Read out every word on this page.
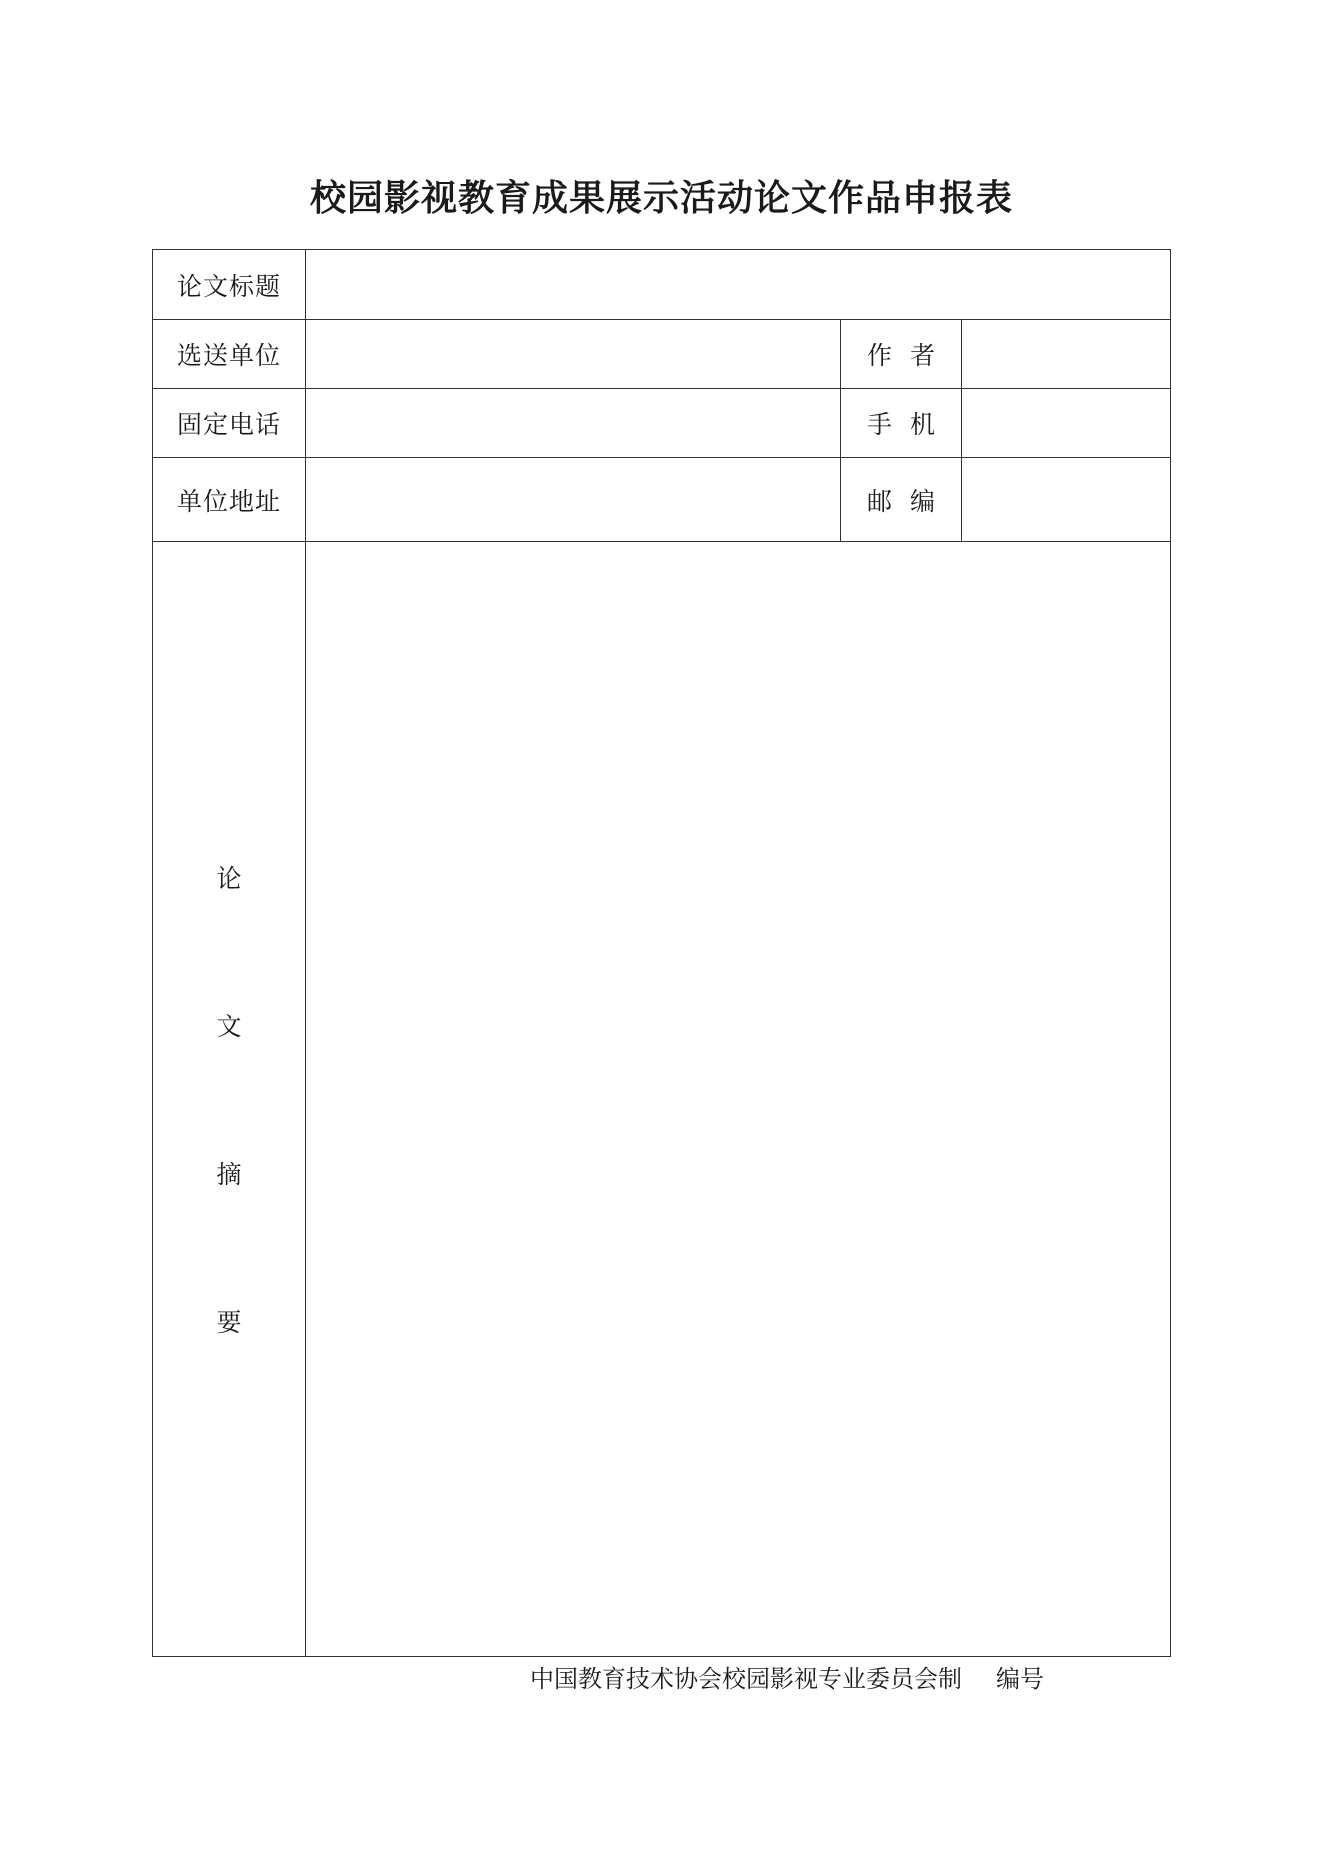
校园影视教育成果展示活动论文作品申报表
论文标题			
选送单位		作 者	
固定电话		手 机	
单位地址		邮 编	

论
文
摘
要			

中国教育技术协会校园影视专业委员会制 编号
